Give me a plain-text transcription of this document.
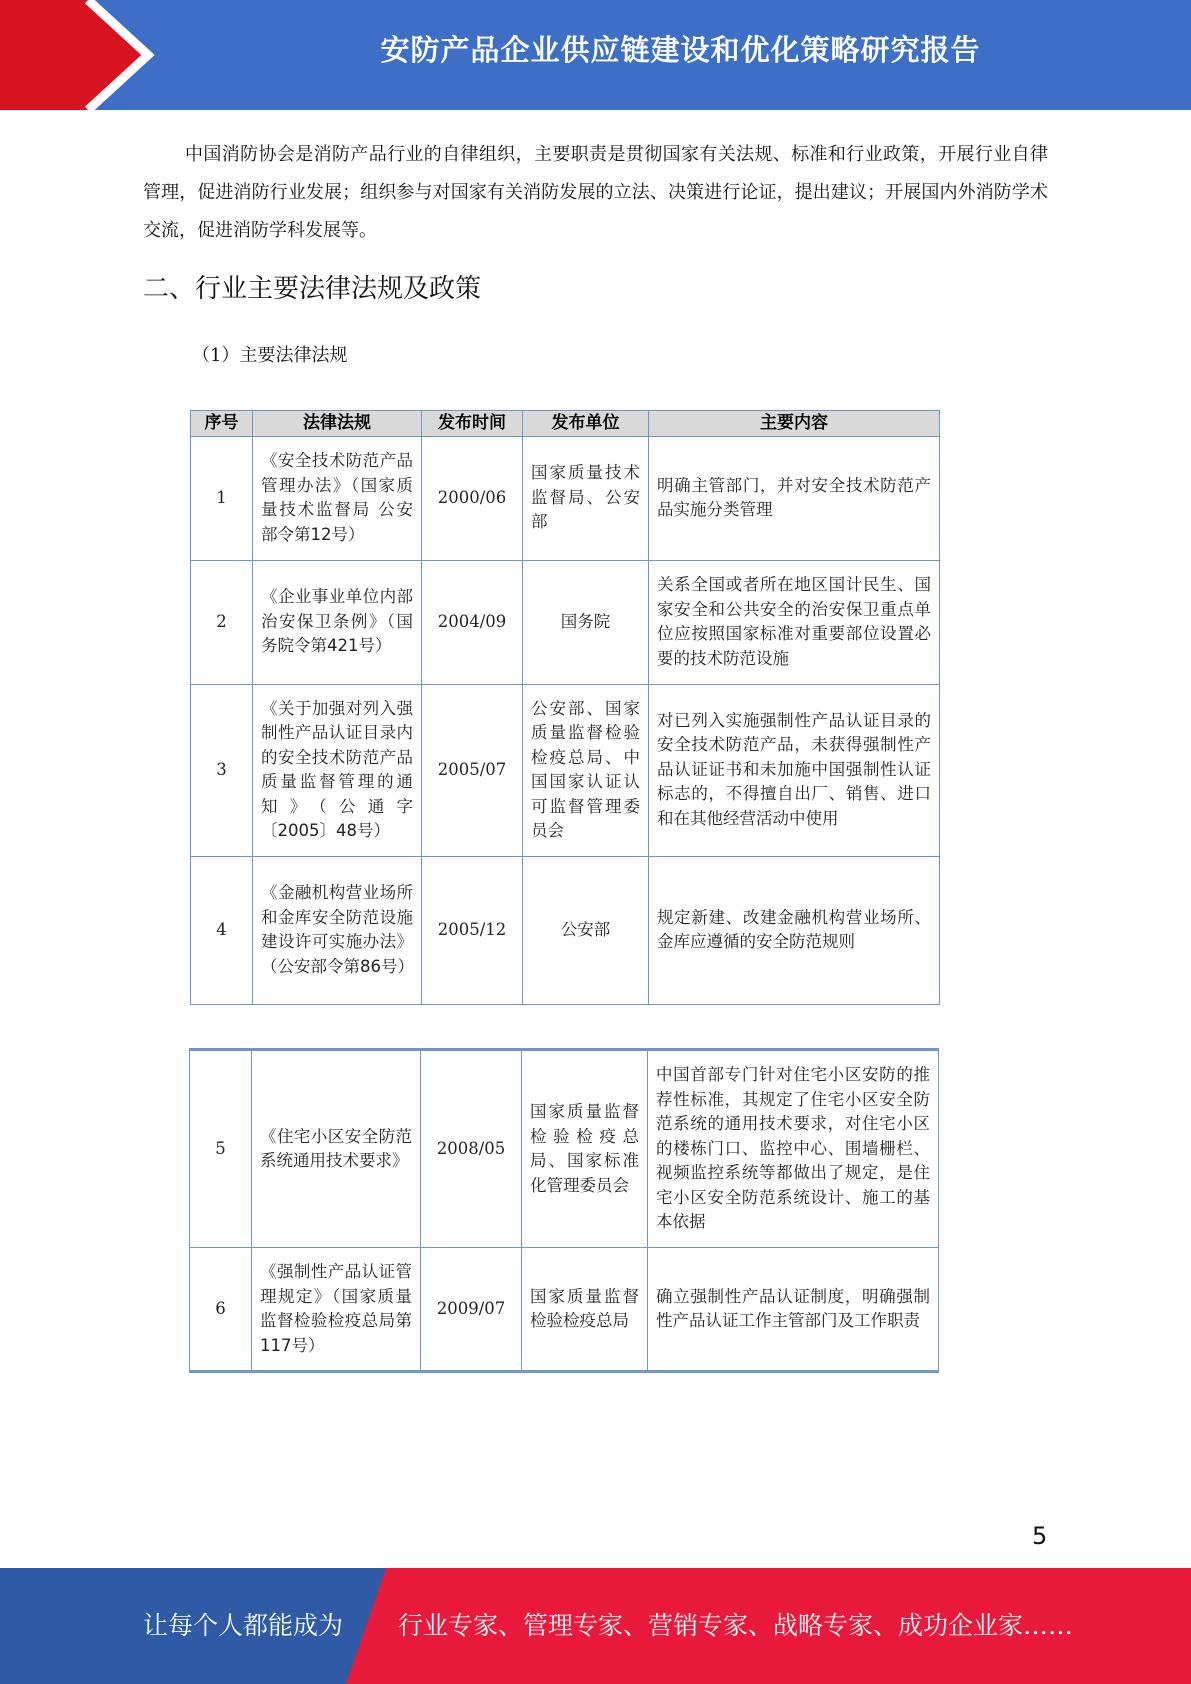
安防产品企业供应链建设和优化策略研究报告
中国消防协会是消防产品行业的自律组织，主要职责是贯彻国家有关法规、标准和行业政策，开展行业自律管理，促进消防行业发展；组织参与对国家有关消防发展的立法、决策进行论证，提出建议；开展国内外消防学术交流，促进消防学科发展等。
二、行业主要法律法规及政策
（1）主要法律法规
序号	法律法规	发布时间	发布单位	主要内容
1	《安全技术防范产品管理办法》（国家质量技术监督局 公安部令第12号）	2000/06	国家质量技术监督局、公安部	明确主管部门，并对安全技术防范产品实施分类管理
2	《企业事业单位内部治安保卫条例》（国务院令第421号）	2004/09	国务院	关系全国或者所在地区国计民生、国家安全和公共安全的治安保卫重点单位应按照国家标准对重要部位设置必要的技术防范设施
3	《关于加强对列入强制性产品认证目录内的安全技术防范产品质量监督管理的通知》（公通字〔2005〕48号）	2005/07	公安部、国家质量监督检验检疫总局、中国国家认证认可监督管理委员会	对已列入实施强制性产品认证目录的安全技术防范产品，未获得强制性产品认证证书和未加施中国强制性认证标志的，不得擅自出厂、销售、进口和在其他经营活动中使用
4	《金融机构营业场所和金库安全防范设施建设许可实施办法》（公安部令第86号）	2005/12	公安部	规定新建、改建金融机构营业场所、金库应遵循的安全防范规则
5	《住宅小区安全防范系统通用技术要求》	2008/05	国家质量监督检验检疫总局、国家标准化管理委员会	中国首部专门针对住宅小区安防的推荐性标准，其规定了住宅小区安全防范系统的通用技术要求，对住宅小区的楼栋门口、监控中心、围墙栅栏、视频监控系统等都做出了规定，是住宅小区安全防范系统设计、施工的基本依据
6	《强制性产品认证管理规定》（国家质量监督检验检疫总局第117号）	2009/07	国家质量监督检验检疫总局	确立强制性产品认证制度，明确强制性产品认证工作主管部门及工作职责
5
让每个人都能成为 行业专家、管理专家、营销专家、战略专家、成功企业家……
